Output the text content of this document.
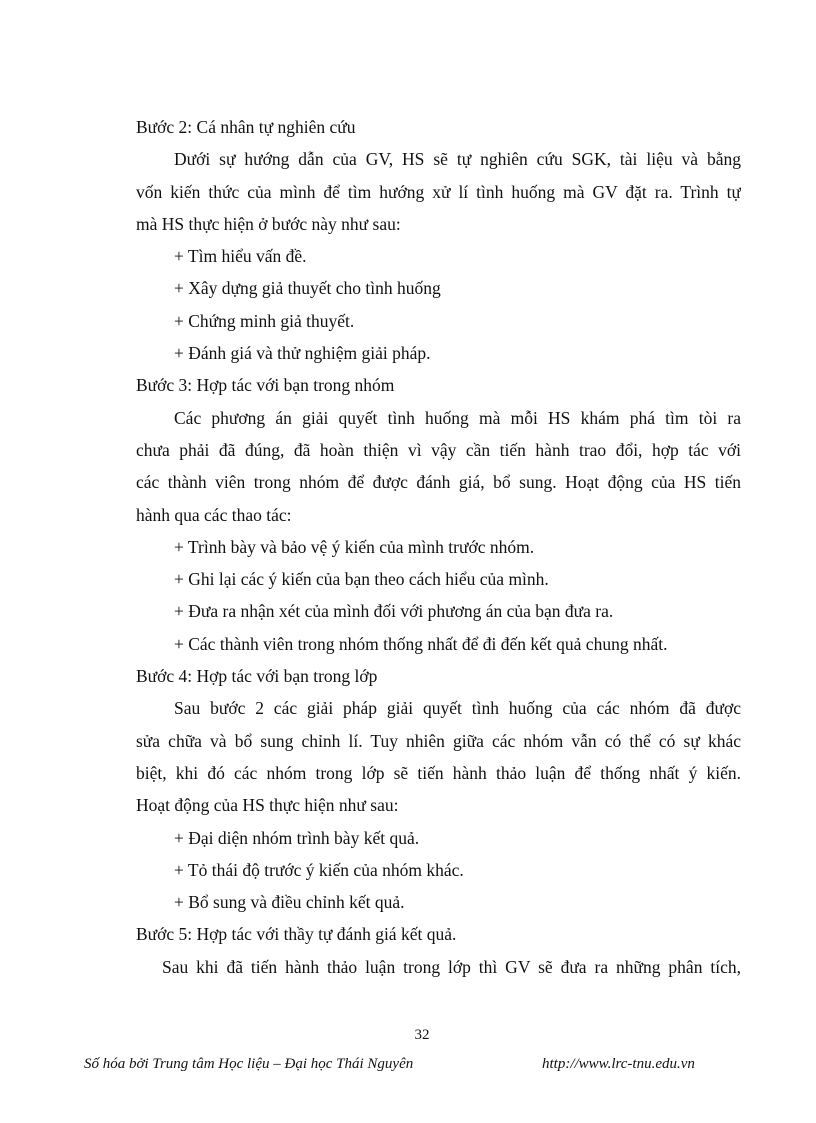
Bước 2: Cá nhân tự nghiên cứu
Dưới sự hướng dẫn của GV, HS sẽ tự nghiên cứu SGK, tài liệu và bằng
vốn kiến thức của mình để tìm hướng xử lí tình huống mà GV đặt ra. Trình tự
mà HS thực hiện ở bước này như sau:
+ Tìm hiểu vấn đề.
+ Xây dựng giả thuyết cho tình huống
+ Chứng minh giả thuyết.
+ Đánh giá và thử nghiệm giải pháp.
Bước 3: Hợp tác với bạn trong nhóm
Các phương án giải quyết tình huống mà mỗi HS khám phá tìm tòi ra
chưa phải đã đúng, đã hoàn thiện vì vậy cần tiến hành trao đổi, hợp tác với
các thành viên trong nhóm để được đánh giá, bổ sung. Hoạt động của HS tiến
hành qua các thao tác:
+ Trình bày và bảo vệ ý kiến của mình trước nhóm.
+ Ghi lại các ý kiến của bạn theo cách hiểu của mình.
+ Đưa ra nhận xét của mình đối với phương án của bạn đưa ra.
+ Các thành viên trong nhóm thống nhất để đi đến kết quả chung nhất.
Bước 4: Hợp tác với bạn trong lớp
Sau bước 2 các giải pháp giải quyết tình huống của các nhóm đã được
sửa chữa và bổ sung chỉnh lí. Tuy nhiên giữa các nhóm vẫn có thể có sự khác
biệt, khi đó các nhóm trong lớp sẽ tiến hành thảo luận để thống nhất ý kiến.
Hoạt động của HS thực hiện như sau:
+ Đại diện nhóm trình bày kết quả.
+ Tỏ thái độ trước ý kiến của nhóm khác.
+ Bổ sung và điều chỉnh kết quả.
Bước 5: Hợp tác với thầy tự đánh giá kết quả.
Sau khi đã tiến hành thảo luận trong lớp thì GV sẽ đưa ra những phân tích,
32
Số hóa bởi Trung tâm Học liệu – Đại học Thái Nguyên	http://www.lrc-tnu.edu.vn
